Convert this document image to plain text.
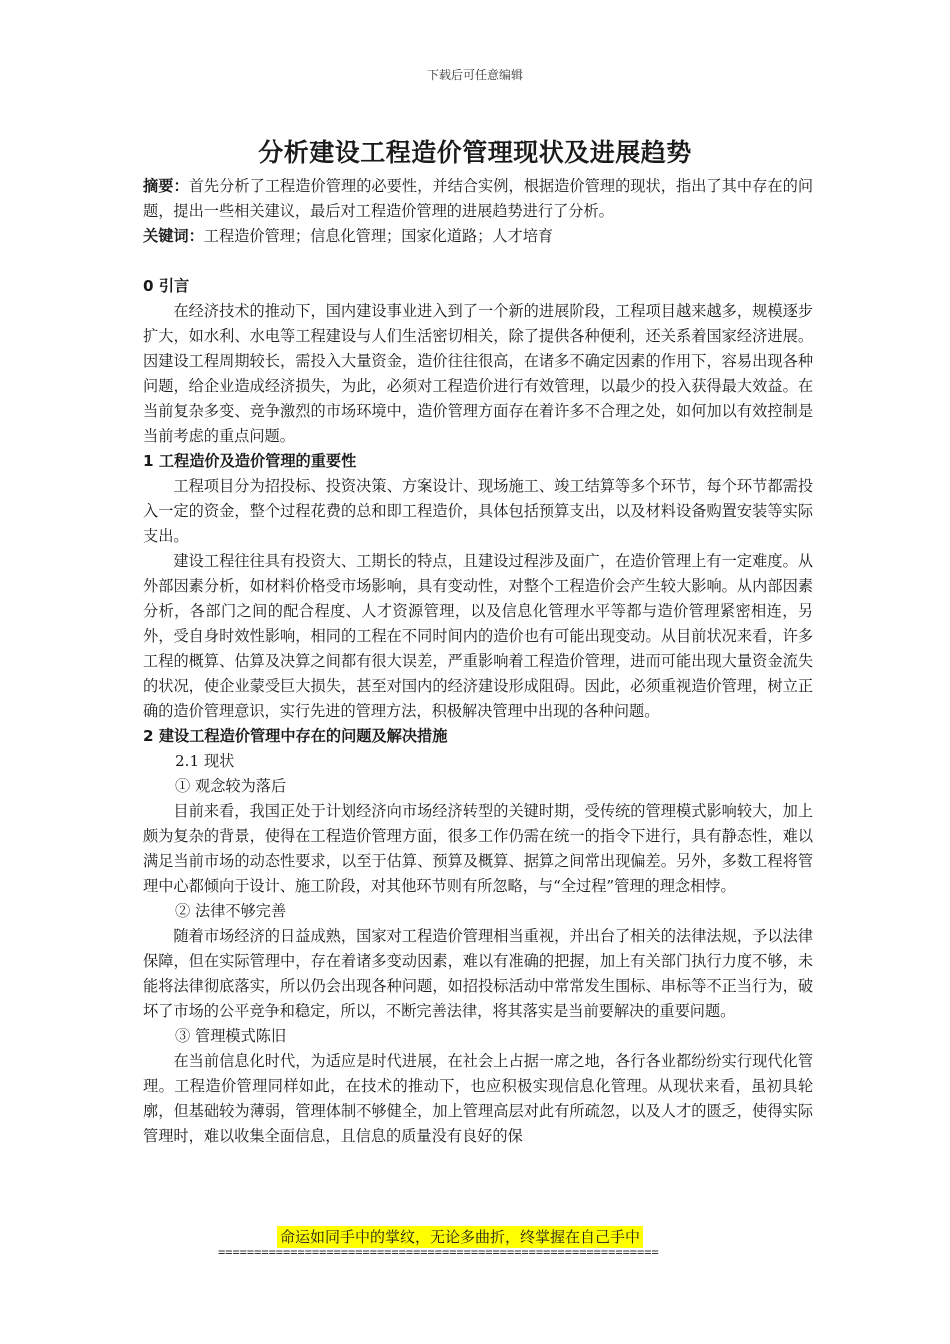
下载后可任意编辑
分析建设工程造价管理现状及进展趋势

摘要：首先分析了工程造价管理的必要性，并结合实例，根据造价管理的现状，指出了其中存在的问题，提出一些相关建议，最后对工程造价管理的进展趋势进行了分析。

关键词：工程造价管理；信息化管理；国家化道路；人才培育

0 引言

在经济技术的推动下，国内建设事业进入到了一个新的进展阶段，工程项目越来越多，规模逐步扩大，如水利、水电等工程建设与人们生活密切相关，除了提供各种便利，还关系着国家经济进展。因建设工程周期较长，需投入大量资金，造价往往很高，在诸多不确定因素的作用下，容易出现各种问题，给企业造成经济损失，为此，必须对工程造价进行有效管理，以最少的投入获得最大效益。在当前复杂多变、竞争激烈的市场环境中，造价管理方面存在着许多不合理之处，如何加以有效控制是当前考虑的重点问题。

1 工程造价及造价管理的重要性

工程项目分为招投标、投资决策、方案设计、现场施工、竣工结算等多个环节，每个环节都需投入一定的资金，整个过程花费的总和即工程造价，具体包括预算支出，以及材料设备购置安装等实际支出。

建设工程往往具有投资大、工期长的特点，且建设过程涉及面广，在造价管理上有一定难度。从外部因素分析，如材料价格受市场影响，具有变动性，对整个工程造价会产生较大影响。从内部因素分析，各部门之间的配合程度、人才资源管理，以及信息化管理水平等都与造价管理紧密相连，另外，受自身时效性影响，相同的工程在不同时间内的造价也有可能出现变动。从目前状况来看，许多工程的概算、估算及决算之间都有很大误差，严重影响着工程造价管理，进而可能出现大量资金流失的状况，使企业蒙受巨大损失，甚至对国内的经济建设形成阻碍。因此，必须重视造价管理，树立正确的造价管理意识，实行先进的管理方法，积极解决管理中出现的各种问题。

2 建设工程造价管理中存在的问题及解决措施

2.1 现状

① 观念较为落后

目前来看，我国正处于计划经济向市场经济转型的关键时期，受传统的管理模式影响较大，加上颇为复杂的背景，使得在工程造价管理方面，很多工作仍需在统一的指令下进行，具有静态性，难以满足当前市场的动态性要求，以至于估算、预算及概算、据算之间常出现偏差。另外，多数工程将管理中心都倾向于设计、施工阶段，对其他环节则有所忽略，与“全过程”管理的理念相悖。

② 法律不够完善

随着市场经济的日益成熟，国家对工程造价管理相当重视，并出台了相关的法律法规，予以法律保障，但在实际管理中，存在着诸多变动因素，难以有准确的把握，加上有关部门执行力度不够，未能将法律彻底落实，所以仍会出现各种问题，如招投标活动中常常发生围标、串标等不正当行为，破坏了市场的公平竞争和稳定，所以，不断完善法律，将其落实是当前要解决的重要问题。

③ 管理模式陈旧

在当前信息化时代，为适应是时代进展，在社会上占据一席之地，各行各业都纷纷实行现代化管理。工程造价管理同样如此，在技术的推动下，也应积极实现信息化管理。从现状来看，虽初具轮廓，但基础较为薄弱，管理体制不够健全，加上管理高层对此有所疏忽，以及人才的匮乏，使得实际管理时，难以收集全面信息，且信息的质量没有良好的保

命运如同手中的掌纹，无论多曲折，终掌握在自己手中
=============================================================
